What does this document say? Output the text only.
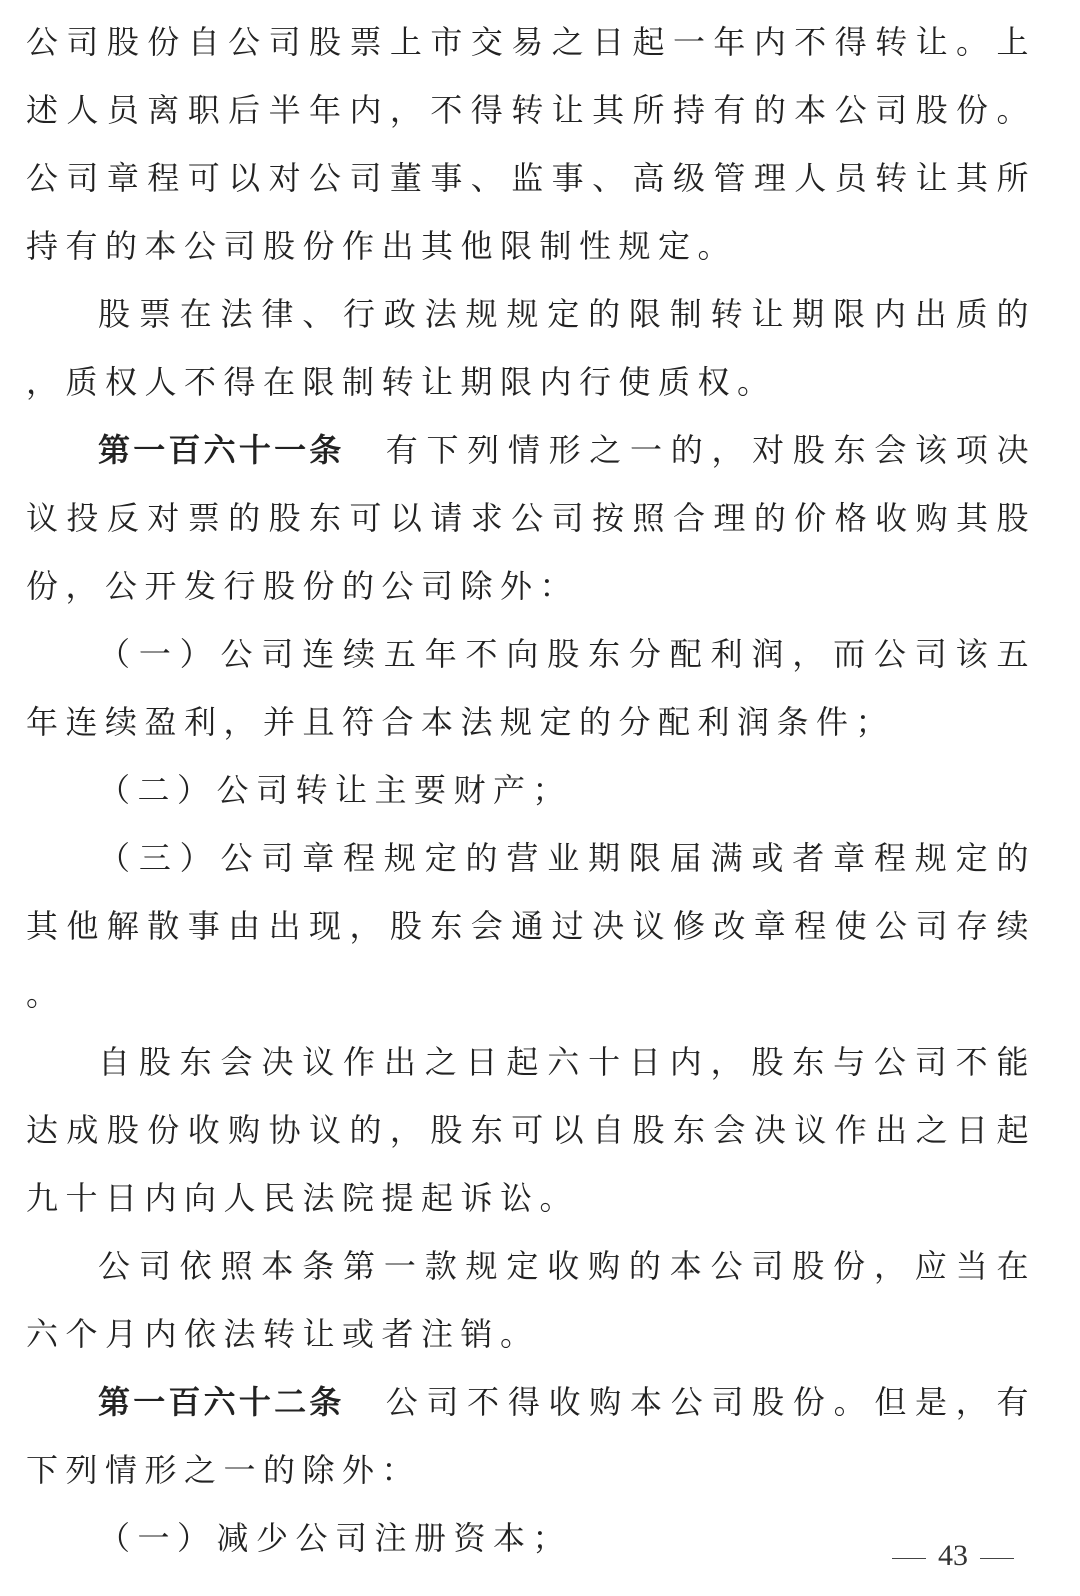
公司股份自公司股票上市交易之日起一年内不得转让。上述人员离职后半年内，不得转让其所持有的本公司股份。公司章程可以对公司董事、监事、高级管理人员转让其所持有的本公司股份作出其他限制性规定。

股票在法律、行政法规规定的限制转让期限内出质的，质权人不得在限制转让期限内行使质权。

第一百六十一条 有下列情形之一的，对股东会该项决议投反对票的股东可以请求公司按照合理的价格收购其股份，公开发行股份的公司除外：

（一）公司连续五年不向股东分配利润，而公司该五年连续盈利，并且符合本法规定的分配利润条件；

（二）公司转让主要财产；

（三）公司章程规定的营业期限届满或者章程规定的其他解散事由出现，股东会通过决议修改章程使公司存续。

自股东会决议作出之日起六十日内，股东与公司不能达成股份收购协议的，股东可以自股东会决议作出之日起九十日内向人民法院提起诉讼。

公司依照本条第一款规定收购的本公司股份，应当在六个月内依法转让或者注销。

第一百六十二条 公司不得收购本公司股份。但是，有下列情形之一的除外：

（一）减少公司注册资本；	43
